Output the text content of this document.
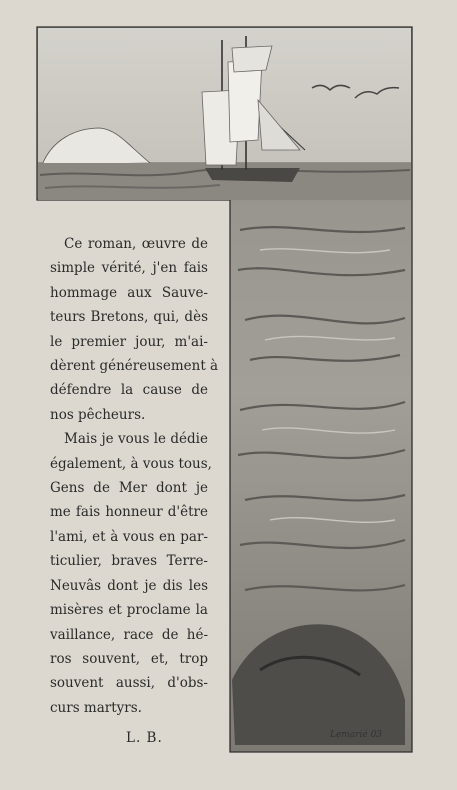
Ce roman, œuvre de
simple vérité, j'en fais
hommage aux Sauve-
teurs Bretons, qui, dès
le premier jour, m'ai-
dèrent généreusement à
défendre la cause de
nos pêcheurs.
Mais je vous le dédie
également, à vous tous,
Gens de Mer dont je
me fais honneur d'être
l'ami, et à vous en par-
ticulier, braves Terre-
Neuvâs dont je dis les
misères et proclame la
vaillance, race de hé-
ros souvent, et, trop
souvent aussi, d'obs-
curs martyrs.
L. B.	Lemarié 03
